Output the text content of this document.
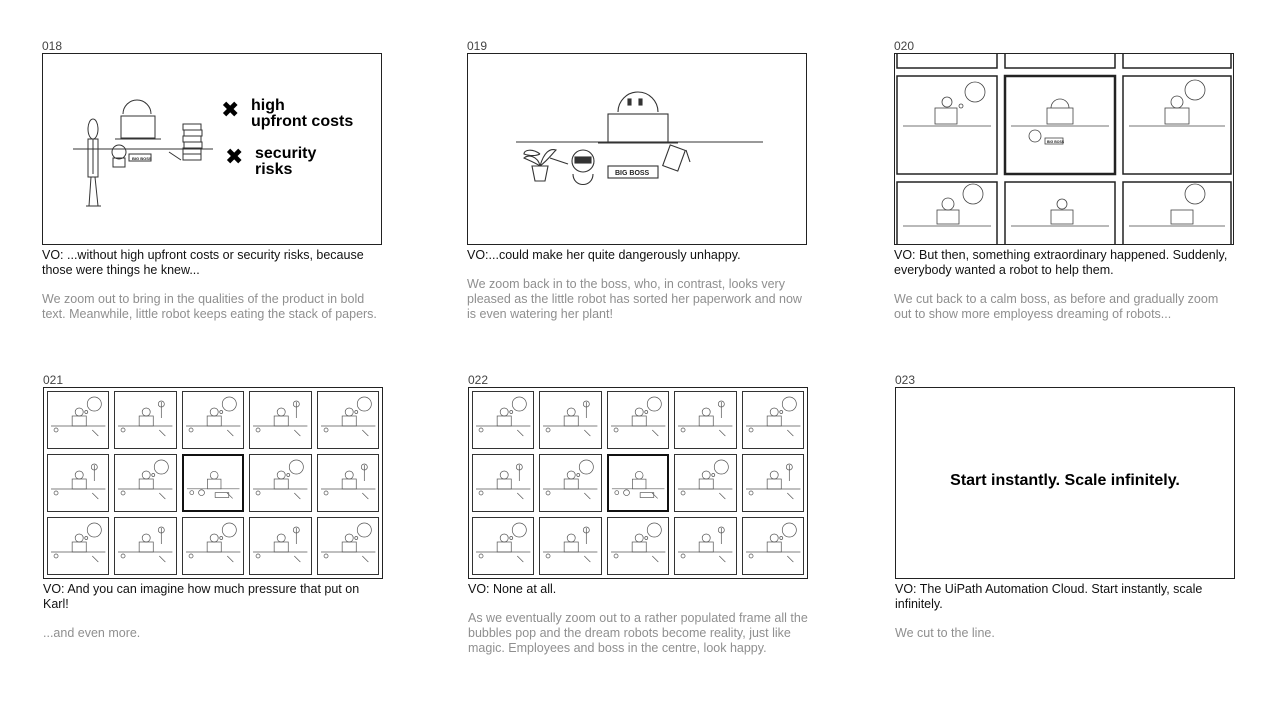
018
BIG BOSS
✖ high
upfront costs
✖ security
risks
VO: ...without high upfront costs or security risks, because those were things he knew...
We zoom out to bring in the qualities of the product in bold text. Meanwhile, little robot keeps eating the stack of papers.
019
BIG BOSS
VO:...could make her quite dangerously unhappy.
We zoom back in to the boss, who, in contrast, looks very pleased as the little robot has sorted her paperwork and now is even watering her plant!
020
BIG BOSS
VO: But then, something extraordinary happened. Suddenly, everybody wanted a robot to help them.
We cut back to a calm boss, as before and gradually zoom out to show more employess dreaming of robots...
021
VO: And you can imagine how much pressure that put on Karl!
...and even more.
022
VO: None at all.
As we eventually zoom out to a rather populated frame all the bubbles pop and the dream robots become reality, just like magic. Employees and boss in the centre, look happy.
023
Start instantly. Scale infinitely.
VO: The UiPath Automation Cloud. Start instantly, scale infinitely.
We cut to the line.
